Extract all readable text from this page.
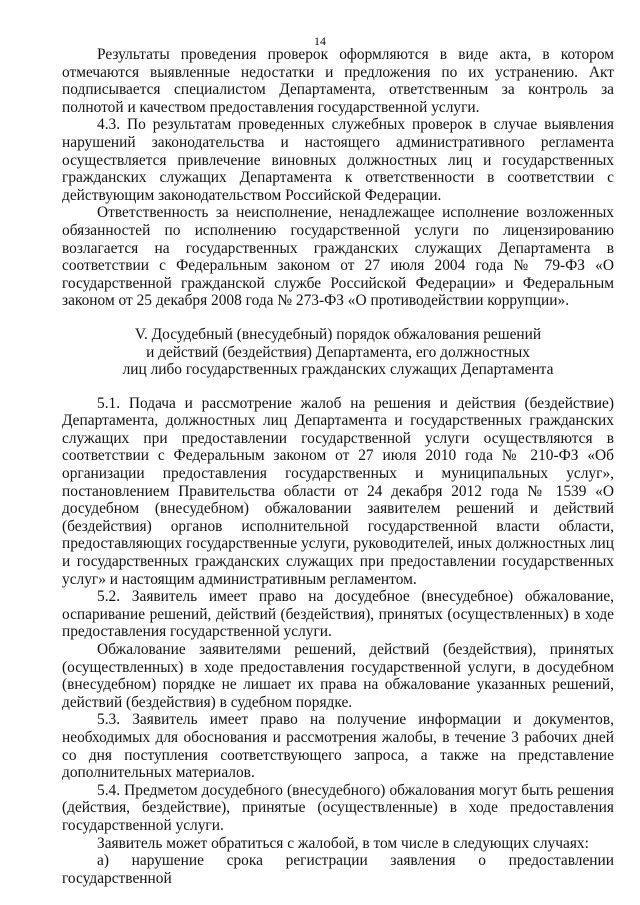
14

Результаты проведения проверок оформляются в виде акта, в котором отмечаются выявленные недостатки и предложения по их устранению. Акт подписывается специалистом Департамента, ответственным за контроль за полнотой и качеством предоставления государственной услуги.

4.3. По результатам проведенных служебных проверок в случае выявления нарушений законодательства и настоящего административного регламента осуществляется привлечение виновных должностных лиц и государственных гражданских служащих Департамента к ответственности в соответствии с действующим законодательством Российской Федерации.

Ответственность за неисполнение, ненадлежащее исполнение возложенных обязанностей по исполнению государственной услуги по лицензированию возлагается на государственных гражданских служащих Департамента в соответствии с Федеральным законом от 27 июля 2004 года № 79-ФЗ «О государственной гражданской службе Российской Федерации» и Федеральным законом от 25 декабря 2008 года № 273-ФЗ «О противодействии коррупции».

V. Досудебный (внесудебный) порядок обжалования решений
и действий (бездействия) Департамента, его должностных
лиц либо государственных гражданских служащих Департамента

5.1. Подача и рассмотрение жалоб на решения и действия (бездействие) Департамента, должностных лиц Департамента и государственных гражданских служащих при предоставлении государственной услуги осуществляются в соответствии с Федеральным законом от 27 июля 2010 года № 210-ФЗ «Об организации предоставления государственных и муниципальных услуг», постановлением Правительства области от 24 декабря 2012 года № 1539 «О досудебном (внесудебном) обжаловании заявителем решений и действий (бездействия) органов исполнительной государственной власти области, предоставляющих государственные услуги, руководителей, иных должностных лиц и государственных гражданских служащих при предоставлении государственных услуг» и настоящим административным регламентом.

5.2. Заявитель имеет право на досудебное (внесудебное) обжалование, оспаривание решений, действий (бездействия), принятых (осуществленных) в ходе предоставления государственной услуги.

Обжалование заявителями решений, действий (бездействия), принятых (осуществленных) в ходе предоставления государственной услуги, в досудебном (внесудебном) порядке не лишает их права на обжалование указанных решений, действий (бездействия) в судебном порядке.

5.3. Заявитель имеет право на получение информации и документов, необходимых для обоснования и рассмотрения жалобы, в течение 3 рабочих дней со дня поступления соответствующего запроса, а также на представление дополнительных материалов.

5.4. Предметом досудебного (внесудебного) обжалования могут быть решения (действия, бездействие), принятые (осуществленные) в ходе предоставления государственной услуги.

Заявитель может обратиться с жалобой, в том числе в следующих случаях:

а) нарушение срока регистрации заявления о предоставлении государственной
